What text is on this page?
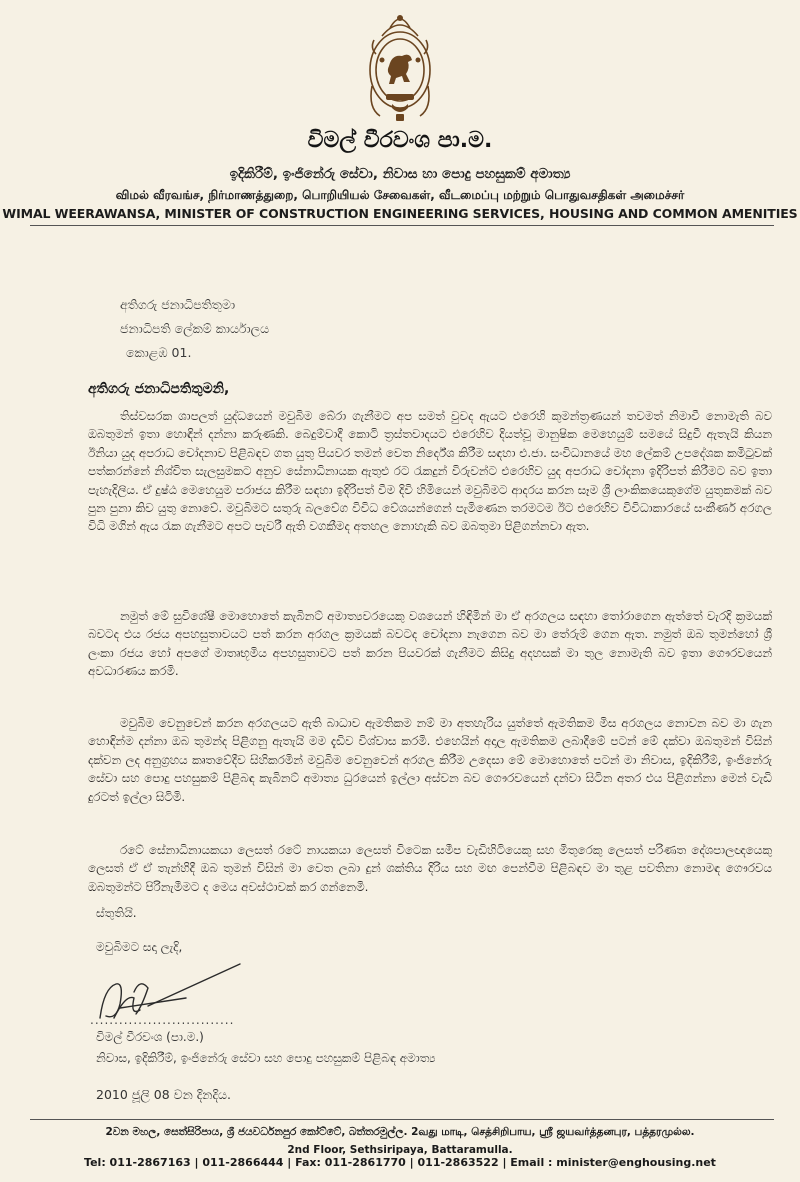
විමල් වීරවංශ පා.ම.
ඉදිකිරීම්, ඉංජිනේරු සේවා, නිවාස හා පොදු පහසුකම් අමාත්‍ය
விமல் வீரவங்ச, நிர்மாணத்துறை, பொறியியல் சேவைகள், வீடமைப்பு மற்றும் பொதுவசதிகள் அமைச்சர்
WIMAL WEERAWANSA, MINISTER OF CONSTRUCTION ENGINEERING SERVICES, HOUSING AND COMMON AMENITIES
අතිගරු ජනාධිපතිතුමා
ජනාධිපති ලේකම් කාර්යාලය
කොළඹ 01.
අතිගරු ජනාධිපතිතුමනි,
තිස්වසරක ශාපලත් යුද්ධයෙන් මවුබිම බේරා ගැනීමට අප සමත් වුවද ඇයට එරෙහි කුමන්ත්‍රණයන් තවමත් නිමාවී නොමැති බව ඔබතුමන් ඉතා හොඳින් දන්නා කරුණකි. බෙදුම්වාදී කොටි ත්‍රස්තවාදයට එරෙහිව දියත්වූ මානුෂික මෙහෙයුම් සමයේ සිදුවී ඇතැයි කියන ඊනියා යුද අපරාධ චෝදනාව පිළිබඳව ගත යුතු පියවර තමන් වෙත නිර්දේශ කිරීම සඳහා එ.ජා. සංවිධානයේ මහ ලේකම් උපදේශක කමිටුවක් පත්කරන්නේ නිශ්චිත සැලසුමකට අනුව සේනාධිනායක ඇතුළු රට රැකදුන් විරුවන්ට එරෙහිව යුද අපරාධ චෝදනා ඉදිරිපත් කිරීමට බව ඉතා පැහැදිලිය. ඒ දුෂ්ඨ මෙහෙයුම පරාජය කිරීම සඳහා ඉදිරිපත් වීම දිවි හිමියෙන් මවුබිමට ආදරය කරන සෑම ශ්‍රී ලාංකිකයෙකුගේම යුතුකමක් බව පුන පුනා කිව යුතු නොවේ. මවුබිමට සතුරු බලවේග විවිධ වේශයන්ගෙන් පැමිණෙන තරමටම ඊට එරෙහිව විවිධාකාරයේ සංකීර්ණ අරගල විධි මගින් ඇය රැක ගැනීමට අපට පැවරී ඇති වගකීමද අතහල නොහැකි බව ඔබතුමා පිළිගන්නවා ඇත.
නමුත් මේ සුවිශේෂී මොහොතේ කැබිනට් අමාත්‍යවරයෙකු වශයෙන් හිඳිමින් මා ඒ අරගලය සඳහා තෝරාගෙන ඇත්තේ වැරදි ක්‍රමයක් බවටද එය රජය අපහසුතාවයට පත් කරන අරගල ක්‍රමයක් බවටද චෝදනා නැගෙන බව මා තේරුම් ගෙන ඇත. නමුත් ඔබ තුමන්හෝ ශ්‍රී ලංකා රජය හෝ අපගේ මාතෘභූමිය අපහසුතාවට පත් කරන පියවරක් ගැනීමට කිසිදු අදහසක් මා තුල නොමැති බව ඉතා ගෞරවයෙන් අවධාරණය කරමි.
මවුබිම වෙනුවෙන් කරන අරගලයට ඇති බාධාව ඇමතිකම නම් මා අතහැරිය යුත්තේ ඇමතිකම මිස අරගලය නොවන බව මා ගැන හොඳින්ම දන්නා ඔබ තුමන්ද පිළිගනු ඇතැයි මම දැඩිව විශ්වාස කරමි. එහෙයින් අදාල ඇමතිකම ලබාදීමේ පටන් මේ දක්වා ඔබතුමන් විසින් දක්වන ලද අනුග්‍රහය කෘතවේදීව සිහිකරමින් මවුබිම වෙනුවෙන් අරගල කිරීම උදෙසා මේ මොහොතේ පටන් මා නිවාස, ඉදිකිරීම්, ඉංජිනේරු සේවා සහ පොදු පහසුකම් පිළිබඳ කැබිනට් අමාත්‍ය ධුරයෙන් ඉල්ලා අස්වන බව ගෞරවයෙන් දන්වා සිටින අතර එය පිළිගන්නා මෙන් වැඩි දුරටත් ඉල්ලා සිටිමි.
රටේ සේනාධිනායකයා ලෙසත් රටේ නායකයා ලෙසත් විටෙක සමීප වැඩිහිටියෙකු සහ මිතුරෙකු ලෙසත් පරිණත දේශපාලඥයෙකු ලෙසත් ඒ ඒ තැන්හිදී ඔබ තුමන් විසින් මා වෙත ලබා දුන් ශක්තිය දිරිය සහ මඟ පෙන්වීම පිළිබඳව මා තුළ පවතිනා නොමඳ ගෞරවය ඔබතුමන්ට පිරිනැමීමට ද මෙය අවස්ථාවක් කර ගන්නෙමි.
ස්තුතියි.
මවුබිමට සදා ලැදි,
..............................
විමල් වීරවංශ (පා.ම.)
නිවාස, ඉදිකිරීම්, ඉංජිනේරු සේවා සහ පොදු පහසුකම් පිළිබඳ අමාත්‍ය
2010 ජූලි 08 වන දිනදිය.
2වන මහල, සෙත්සිරිපාය, ශ්‍රී ජයවර්ධනපුර කෝට්ටේ, බත්තරමුල්ල. 2வது மாடி, செத்சிறிபாய, ஸ்ரீ ஜயவர்த்தனபுர, பத்தரமுல்ல.
2nd Floor, Sethsiripaya, Battaramulla.
Tel: 011-2867163 | 011-2866444 | Fax: 011-2861770 | 011-2863522 | Email : minister@enghousing.net
